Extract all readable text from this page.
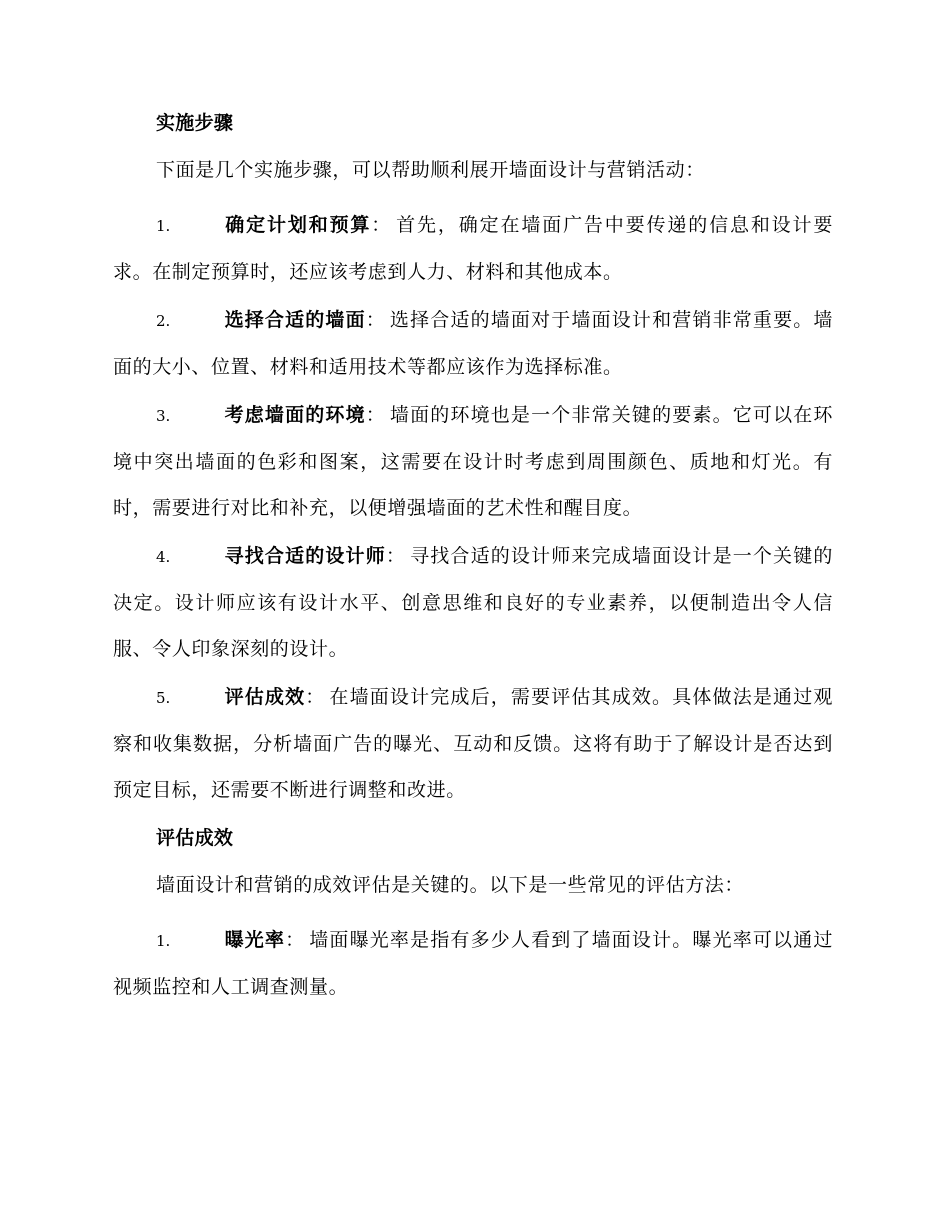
实施步骤
下面是几个实施步骤，可以帮助顺利展开墙面设计与营销活动：
1.	确定计划和预算： 首先，确定在墙面广告中要传递的信息和设计要求。在制定预算时，还应该考虑到人力、材料和其他成本。
2.	选择合适的墙面： 选择合适的墙面对于墙面设计和营销非常重要。墙面的大小、位置、材料和适用技术等都应该作为选择标准。
3.	考虑墙面的环境： 墙面的环境也是一个非常关键的要素。它可以在环境中突出墙面的色彩和图案，这需要在设计时考虑到周围颜色、质地和灯光。有时，需要进行对比和补充，以便增强墙面的艺术性和醒目度。
4.	寻找合适的设计师： 寻找合适的设计师来完成墙面设计是一个关键的决定。设计师应该有设计水平、创意思维和良好的专业素养，以便制造出令人信服、令人印象深刻的设计。
5.	评估成效： 在墙面设计完成后，需要评估其成效。具体做法是通过观察和收集数据，分析墙面广告的曝光、互动和反馈。这将有助于了解设计是否达到预定目标，还需要不断进行调整和改进。
评估成效
墙面设计和营销的成效评估是关键的。以下是一些常见的评估方法：
1.	曝光率： 墙面曝光率是指有多少人看到了墙面设计。曝光率可以通过视频监控和人工调查测量。
